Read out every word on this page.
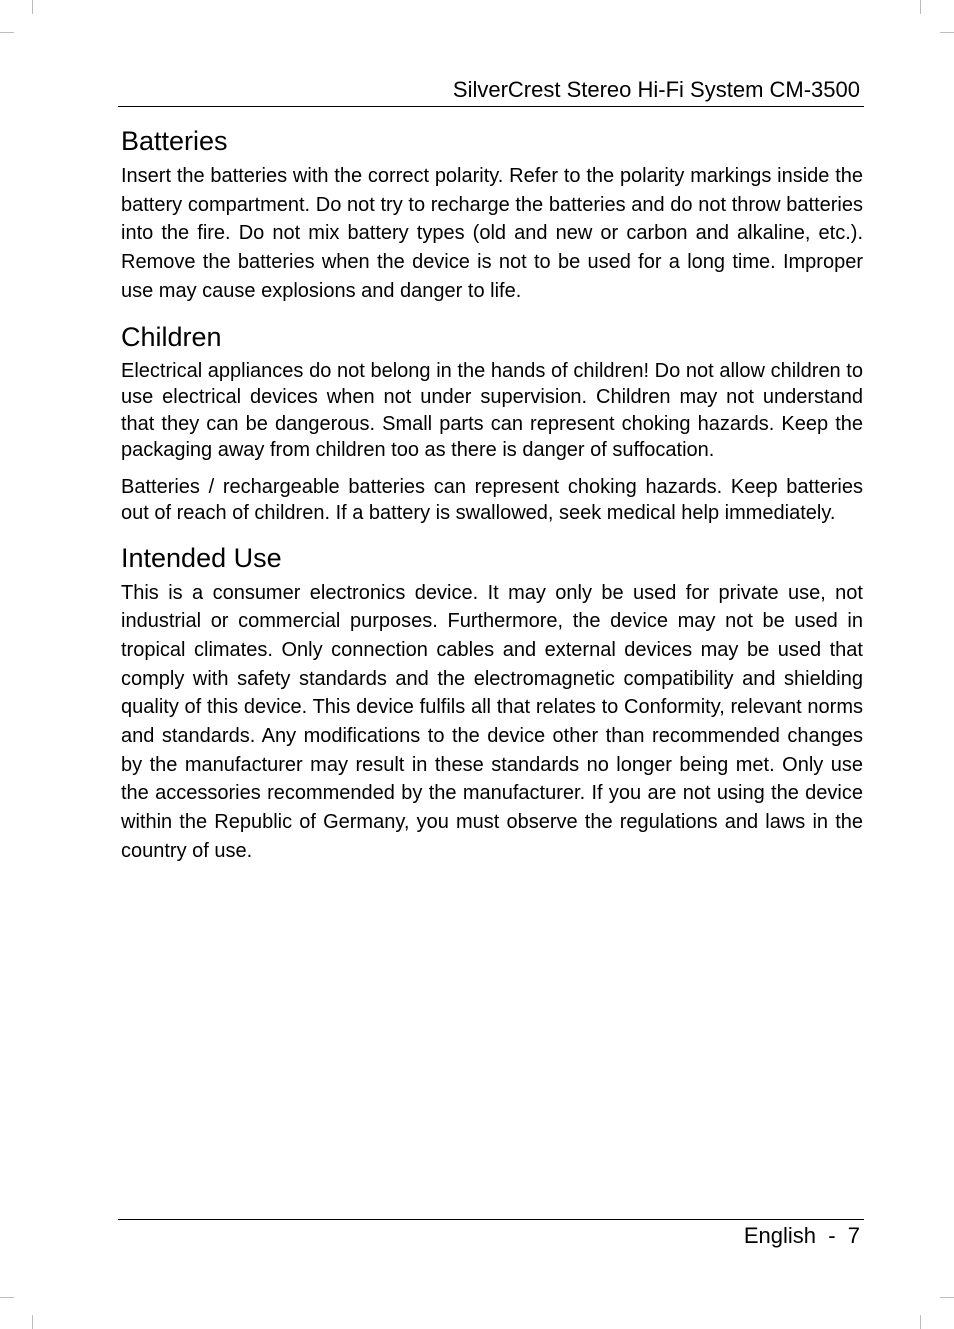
SilverCrest Stereo Hi-Fi System CM-3500
Batteries

Insert the batteries with the correct polarity. Refer to the polarity markings inside the battery compartment. Do not try to recharge the batteries and do not throw batteries into the fire. Do not mix battery types (old and new or carbon and alkaline, etc.). Remove the batteries when the device is not to be used for a long time. Improper use may cause explosions and danger to life.

Children

Electrical appliances do not belong in the hands of children! Do not allow children to use electrical devices when not under supervision. Children may not understand that they can be dangerous. Small parts can represent choking hazards. Keep the packaging away from children too as there is danger of suffocation.

Batteries / rechargeable batteries can represent choking hazards. Keep batteries out of reach of children. If a battery is swallowed, seek medical help immediately.

Intended Use

This is a consumer electronics device. It may only be used for private use, not industrial or commercial purposes. Furthermore, the device may not be used in tropical climates. Only connection cables and external devices may be used that comply with safety standards and the electromagnetic compatibility and shielding quality of this device. This device fulfils all that relates to Conformity, relevant norms and standards. Any modifications to the device other than recommended changes by the manufacturer may result in these standards no longer being met. Only use the accessories recommended by the manufacturer. If you are not using the device within the Republic of Germany, you must observe the regulations and laws in the country of use.

English  -  7
